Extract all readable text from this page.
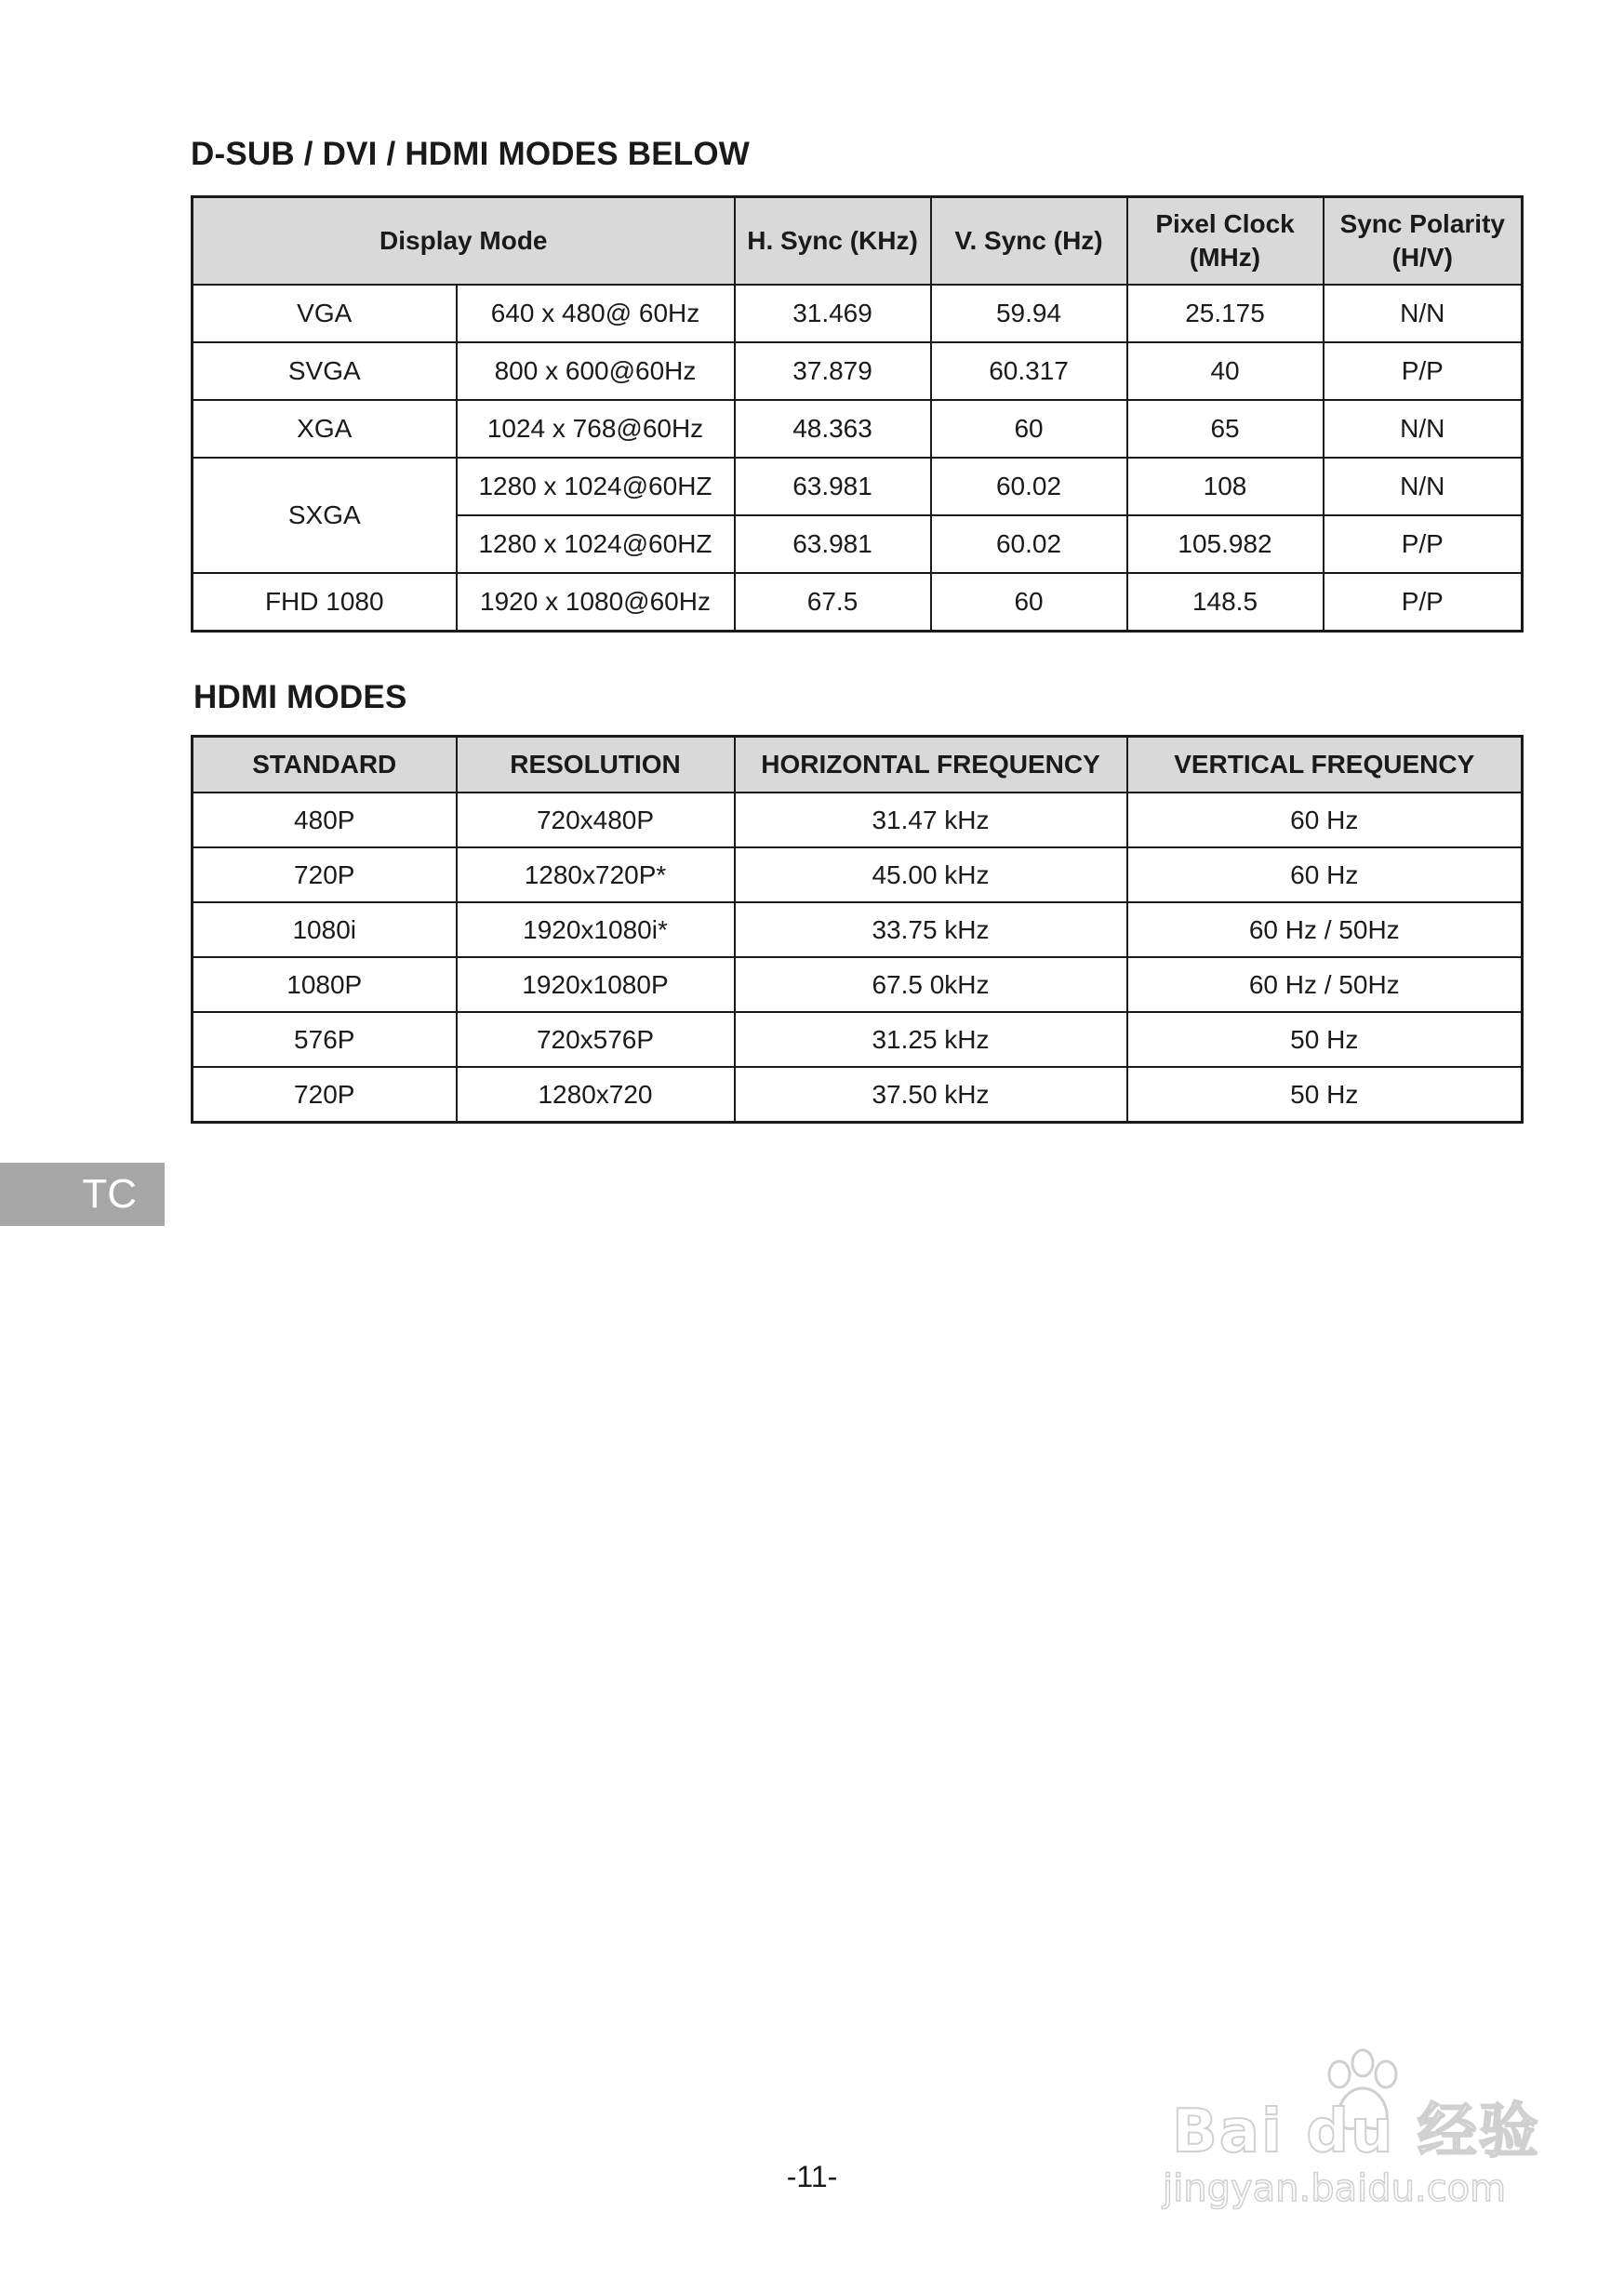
D-SUB / DVI / HDMI MODES BELOW
Display Mode		H. Sync (KHz)	V. Sync (Hz)	Pixel Clock (MHz)	Sync Polarity (H/V)
VGA	640 x 480@ 60Hz	31.469	59.94	25.175	N/N
SVGA	800 x 600@60Hz	37.879	60.317	40	P/P
XGA	1024 x 768@60Hz	48.363	60	65	N/N
SXGA	1280 x 1024@60HZ	63.981	60.02	108	N/N
	1280 x 1024@60HZ	63.981	60.02	105.982	P/P
FHD 1080	1920 x 1080@60Hz	67.5	60	148.5	P/P
HDMI MODES
STANDARD	RESOLUTION	HORIZONTAL FREQUENCY	VERTICAL FREQUENCY
480P	720x480P	31.47 kHz	60 Hz
720P	1280x720P*	45.00 kHz	60 Hz
1080i	1920x1080i*	33.75 kHz	60 Hz / 50Hz
1080P	1920x1080P	67.5 0kHz	60 Hz / 50Hz
576P	720x576P	31.25 kHz	50 Hz
720P	1280x720	37.50 kHz	50 Hz
TC
-11-
Bai du 经验
jingyan.baidu.com
